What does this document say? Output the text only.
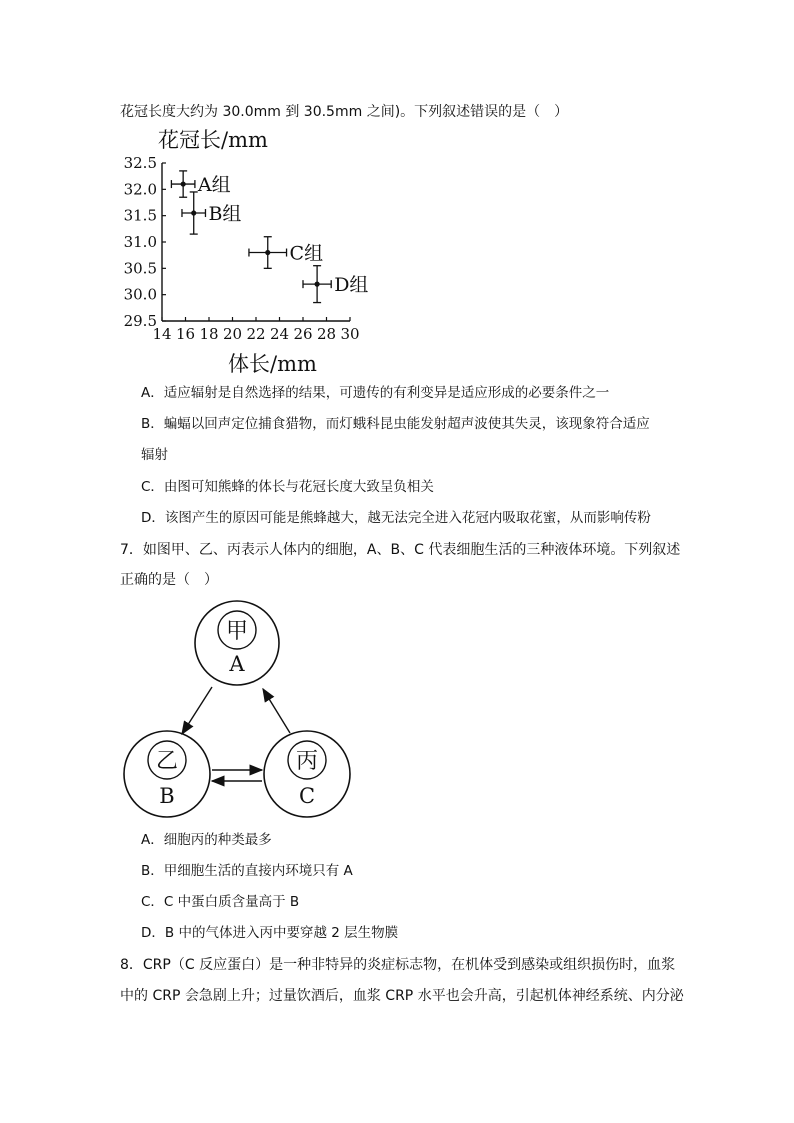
花冠长度大约为 30.0mm 到 30.5mm 之间)。下列叙述错误的是（　）
花冠长/mm
体长/mm
14 16 18 20 22 24 26 28 30
29.5
30.0
30.5
31.0
31.5
32.0
32.5
A组
B组
C组
D组
A．适应辐射是自然选择的结果，可遗传的有利变异是适应形成的必要条件之一
B．蝙蝠以回声定位捕食猎物，而灯蛾科昆虫能发射超声波使其失灵，该现象符合适应
辐射
C．由图可知熊蜂的体长与花冠长度大致呈负相关
D．该图产生的原因可能是熊蜂越大，越无法完全进入花冠内吸取花蜜，从而影响传粉
7．如图甲、乙、丙表示人体内的细胞，A、B、C 代表细胞生活的三种液体环境。下列叙述
正确的是（　）
甲
A
乙
B
丙
C
A．细胞丙的种类最多
B．甲细胞生活的直接内环境只有 A
C．C 中蛋白质含量高于 B
D．B 中的气体进入丙中要穿越 2 层生物膜
8．CRP（C 反应蛋白）是一种非特异的炎症标志物，在机体受到感染或组织损伤时，血浆
中的 CRP 会急剧上升；过量饮酒后，血浆 CRP 水平也会升高，引起机体神经系统、内分泌
